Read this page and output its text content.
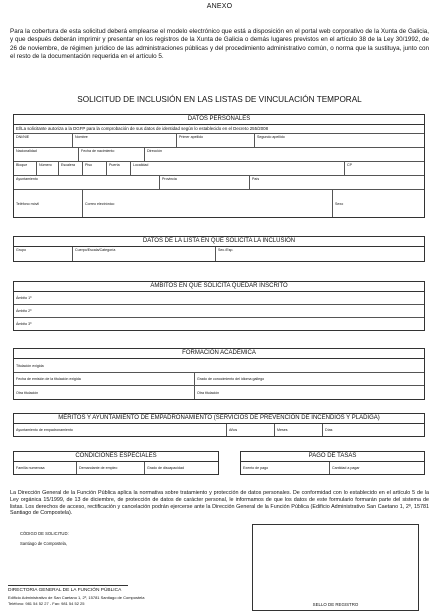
ANEXO
Para la cobertura de esta solicitud deberá emplearse el modelo electrónico que está a disposición en el portal web corporativo de la Xunta de Galicia, y que después deberán imprimir y presentar en los registros de la Xunta de Galicia o demás lugares previstos en el artículo 38 de la Ley 30/1992, de 26 de noviembre, de régimen jurídico de las administraciones públicas y del procedimiento administrativo común, o norma que la sustituya, junto con el resto de la documentación requerida en el artículo 5.
SOLICITUD DE INCLUSIÓN EN LAS LISTAS DE VINCULACIÓN TEMPORAL
DATOS PERSONALES
El/La solicitante autoriza a la DGFP para la comprobación de sus datos de identidad según lo establecido en el Decreto 255/2008
DNI/NIE	Nombre	Primer apellido	Segundo apellido
Nacionalidad	Fecha de nacimiento	Dirección
Bloque	Número	Escalera	Piso	Puerta	Localidad	CP
Ayuntamiento	Provincia	País
Teléfono móvil	Correo electrónico	Sexo
DATOS DE LA LISTA EN QUE SOLICITA LA INCLUSIÓN
Grupo	Cuerpo/Escala/Categoría	Sec./Esp.
ÁMBITOS EN QUE SOLICITA QUEDAR INSCRITO
Ámbito 1º
Ámbito 2º
Ámbito 3º
FORMACIÓN ACADÉMICA
Titulación exigida
Fecha de emisión de la titulación exigida	Grado de conocimiento del idioma gallego
Otra titulación	Otra titulación
MÉRITOS Y AYUNTAMIENTO DE EMPADRONAMIENTO (SERVICIOS DE PREVENCIÓN DE INCENDIOS Y PLADIGA)
Ayuntamiento de empadronamiento	Años	Meses	Días
CONDICIONES ESPECIALES
Familia numerosa	Demandante de empleo	Grado de discapacidad
PAGO DE TASAS
Exento de pago	Cantidad a pagar
La Dirección General de la Función Pública aplica la normativa sobre tratamiento y protección de datos personales. De conformidad con lo establecido en el artículo 5 de la Ley orgánica 15/1999, de 13 de diciembre, de protección de datos de carácter personal, le informamos de que los datos de este formulario formarán parte del sistema de listas. Los derechos de acceso, rectificación y cancelación podrán ejercerse ante la Dirección General de la Función Pública (Edificio Administrativo San Caetano 1, 2º, 15781 Santiago de Compostela).
CÓDIGO DE SOLICITUD:
Santiago de Compostela,
SELLO DE REGISTRO
DIRECTORIA GENERAL DE LA FUNCIÓN PÚBLICA
Edificio Administrativo de San Caetano 1, 2º, 15781 Santiago de Compostela
Teléfono: 981 54 52 27 - Fax: 981 54 52 25
